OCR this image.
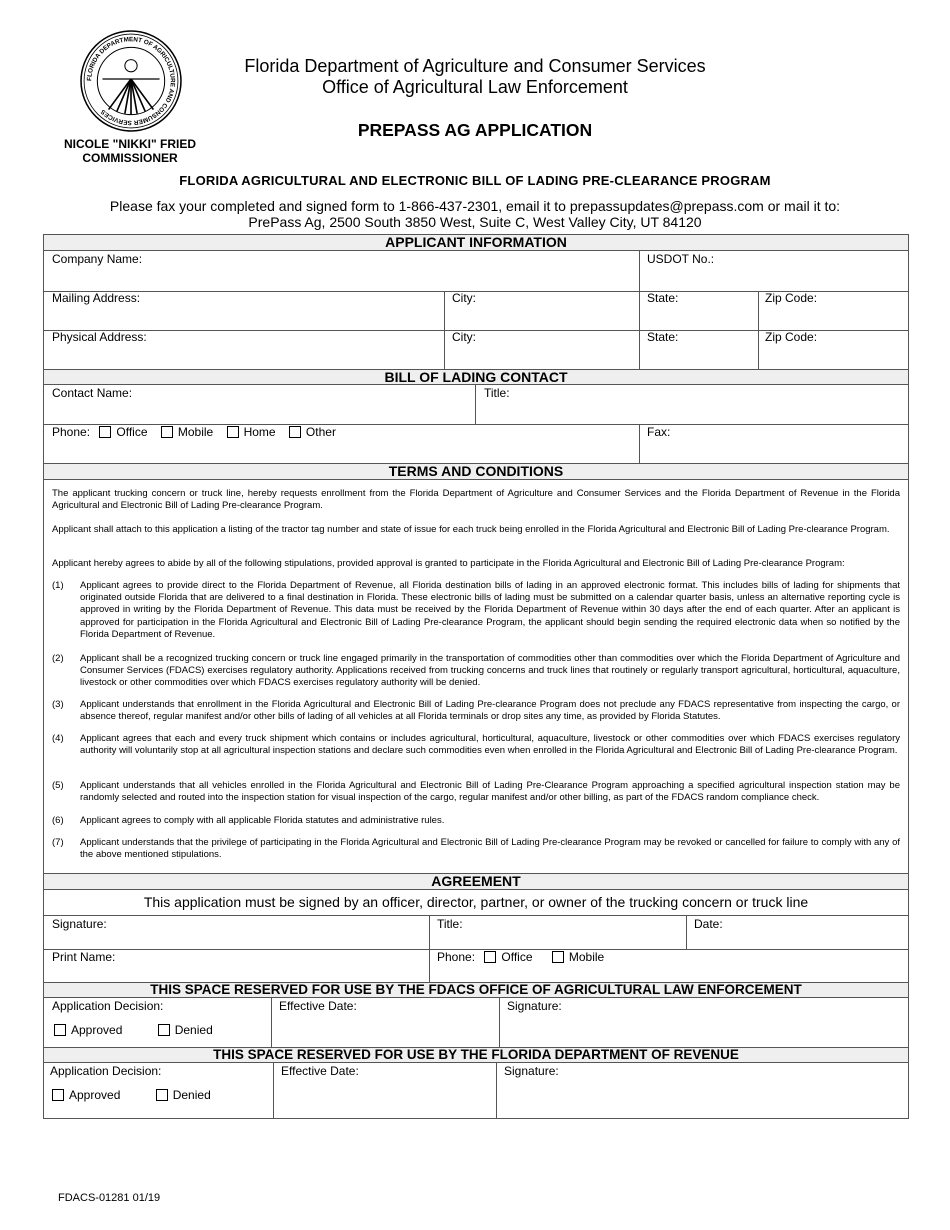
FLORIDA DEPARTMENT OF AGRICULTURE AND CONSUMER SERVICES
NICOLE "NIKKI" FRIED
COMMISSIONER
Florida Department of Agriculture and Consumer Services
Office of Agricultural Law Enforcement
PREPASS AG APPLICATION
FLORIDA AGRICULTURAL AND ELECTRONIC BILL OF LADING PRE-CLEARANCE PROGRAM
Please fax your completed and signed form to 1-866-437-2301, email it to prepassupdates@prepass.com or mail it to:
PrePass Ag, 2500 South 3850 West, Suite C, West Valley City, UT 84120
APPLICANT INFORMATION
Company Name:	USDOT No.:
Mailing Address:	City:	State:	Zip Code:
Physical Address:	City:	State:	Zip Code:
BILL OF LADING CONTACT
Contact Name:	Title:
Phone: Office	Mobile	Home	Other	Fax:
TERMS AND CONDITIONS
The applicant trucking concern or truck line, hereby requests enrollment from the Florida Department of Agriculture and Consumer Services and the Florida Department of Revenue in the Florida Agricultural and Electronic Bill of Lading Pre-clearance Program.
Applicant shall attach to this application a listing of the tractor tag number and state of issue for each truck being enrolled in the Florida Agricultural and Electronic Bill of Lading Pre-clearance Program.
Applicant hereby agrees to abide by all of the following stipulations, provided approval is granted to participate in the Florida Agricultural and Electronic Bill of Lading Pre-clearance Program:
(1) Applicant agrees to provide direct to the Florida Department of Revenue, all Florida destination bills of lading in an approved electronic format. This includes bills of lading for shipments that originated outside Florida that are delivered to a final destination in Florida. These electronic bills of lading must be submitted on a calendar quarter basis, unless an alternative reporting cycle is approved in writing by the Florida Department of Revenue. This data must be received by the Florida Department of Revenue within 30 days after the end of each quarter. After an applicant is approved for participation in the Florida Agricultural and Electronic Bill of Lading Pre-clearance Program, the applicant should begin sending the required electronic data when so notified by the Florida Department of Revenue.
(2) Applicant shall be a recognized trucking concern or truck line engaged primarily in the transportation of commodities other than commodities over which the Florida Department of Agriculture and Consumer Services (FDACS) exercises regulatory authority. Applications received from trucking concerns and truck lines that routinely or regularly transport agricultural, horticultural, aquaculture, livestock or other commodities over which FDACS exercises regulatory authority will be denied.
(3) Applicant understands that enrollment in the Florida Agricultural and Electronic Bill of Lading Pre-clearance Program does not preclude any FDACS representative from inspecting the cargo, or absence thereof, regular manifest and/or other bills of lading of all vehicles at all Florida terminals or drop sites any time, as provided by Florida Statutes.
(4) Applicant agrees that each and every truck shipment which contains or includes agricultural, horticultural, aquaculture, livestock or other commodities over which FDACS exercises regulatory authority will voluntarily stop at all agricultural inspection stations and declare such commodities even when enrolled in the Florida Agricultural and Electronic Bill of Lading Pre-clearance Program.
(5) Applicant understands that all vehicles enrolled in the Florida Agricultural and Electronic Bill of Lading Pre-Clearance Program approaching a specified agricultural inspection station may be randomly selected and routed into the inspection station for visual inspection of the cargo, regular manifest and/or other billing, as part of the FDACS random compliance check.
(6) Applicant agrees to comply with all applicable Florida statutes and administrative rules.
(7) Applicant understands that the privilege of participating in the Florida Agricultural and Electronic Bill of Lading Pre-clearance Program may be revoked or cancelled for failure to comply with any of the above mentioned stipulations.
AGREEMENT
This application must be signed by an officer, director, partner, or owner of the trucking concern or truck line
Signature:	Title:	Date:
Print Name:	Phone: Office	Mobile
THIS SPACE RESERVED FOR USE BY THE FDACS OFFICE OF AGRICULTURAL LAW ENFORCEMENT
Application Decision:
Approved	Denied
Effective Date:	Signature:
THIS SPACE RESERVED FOR USE BY THE FLORIDA DEPARTMENT OF REVENUE
Application Decision:
Approved	Denied
Effective Date:	Signature:
FDACS-01281 01/19
